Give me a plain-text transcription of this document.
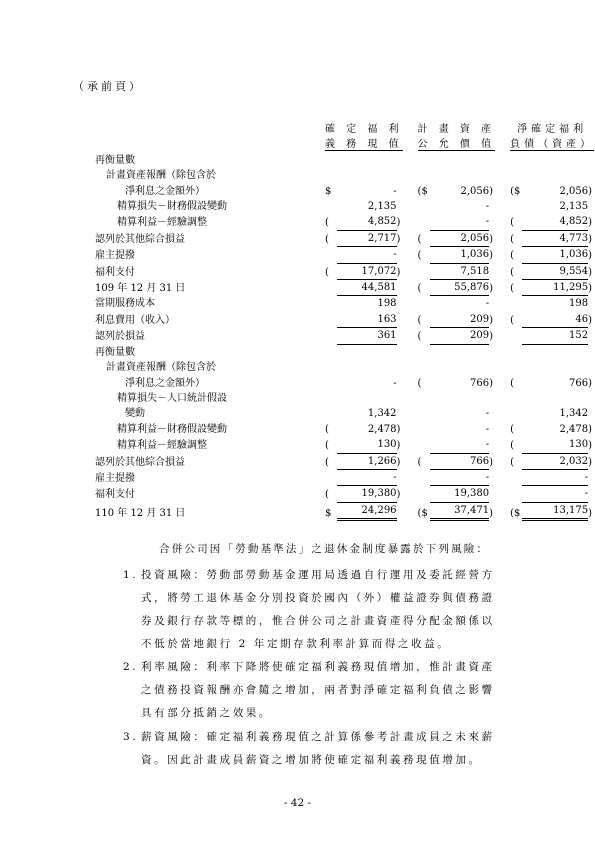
（承前頁）
	確 定 福 利		計 畫 資 產		淨確定福利
	義 務 現 值		公 允 價 值		負債（資產）
再衡量數					
計畫資產報酬（除包含於					
淨利息之金額外）	$ -		($ 2,056 )		($ 2,056 )

精算損失－財務假設變動	2,135		-		2,135

精算利益－經驗調整	( 4,852 )		-		( 4,852 )

認列於其他綜合損益	( 2,717 )		( 2,056 )		( 4,773 )

雇主提撥	-		( 1,036 )		( 1,036 )

福利支付	( 17,072 )		7,518		( 9,554 )

109 年 12 月 31 日	44,581		( 55,876 )		( 11,295 )

當期服務成本	198		-		198

利息費用（收入）	163		( 209 )		( 46 )

認列於損益	361		( 209 )		152

再衡量數					
計畫資產報酬（除包含於					
淨利息之金額外）	-		( 766 )		( 766 )

精算損失－人口統計假設					
變動	1,342		-		1,342

精算利益－財務假設變動	( 2,478 )		-		( 2,478 )

精算利益－經驗調整	( 130 )		-		( 130 )

認列於其他綜合損益	( 1,266 )		( 766 )		( 2,032 )

雇主提撥	-		-		-

福利支付	( 19,380 )		19,380		-

110 年 12 月 31 日	$ 24,296		($ 37,471 )		($ 13,175 )
合併公司因「勞動基準法」之退休金制度暴露於下列風險：
1. 投資風險：勞動部勞動基金運用局透過自行運用及委託經營方
式，將勞工退休基金分別投資於國內（外）權益證券與債務證
券及銀行存款等標的，惟合併公司之計畫資產得分配金額係以
不低於當地銀行 2 年定期存款利率計算而得之收益。
2. 利率風險：利率下降將使確定福利義務現值增加，惟計畫資產
之債務投資報酬亦會隨之增加，兩者對淨確定福利負債之影響
具有部分抵銷之效果。
3. 薪資風險：確定福利義務現值之計算係參考計畫成員之未來薪
資。因此計畫成員薪資之增加將使確定福利義務現值增加。
- 42 -
